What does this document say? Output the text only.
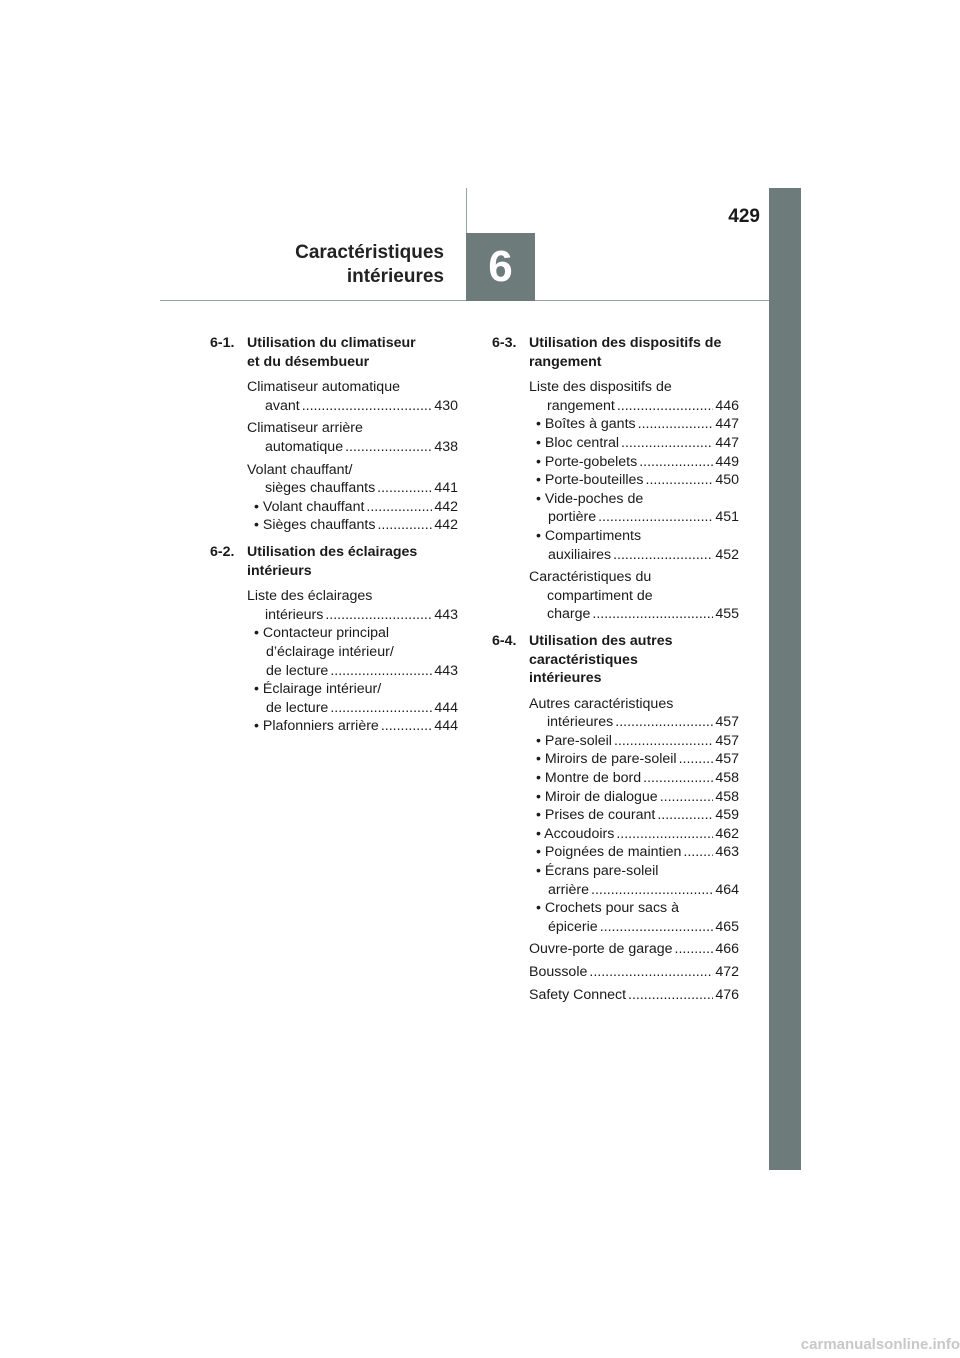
429
Caractéristiques
intérieures	6
6-1. Utilisation du climatiseur
et du désembueur
Climatiseur automatique
avant .....	430
Climatiseur arrière
automatique .....	438
Volant chauffant/
sièges chauffants .....	441
• Volant chauffant .....	442
• Sièges chauffants .....	442
6-2. Utilisation des éclairages
intérieurs
Liste des éclairages
intérieurs .....	443
• Contacteur principal
d’éclairage intérieur/
de lecture .....	443
• Éclairage intérieur/
de lecture .....	444
• Plafonniers arrière .....	444
6-3. Utilisation des dispositifs de
rangement
Liste des dispositifs de
rangement .....	446
• Boîtes à gants .....	447
• Bloc central .....	447
• Porte-gobelets .....	449
• Porte-bouteilles .....	450
• Vide-poches de
portière .....	451
• Compartiments
auxiliaires .....	452
Caractéristiques du
compartiment de
charge .....	455
6-4. Utilisation des autres
caractéristiques
intérieures
Autres caractéristiques
intérieures .....	457
• Pare-soleil .....	457
• Miroirs de pare-soleil .....	457
• Montre de bord .....	458
• Miroir de dialogue .....	458
• Prises de courant .....	459
• Accoudoirs .....	462
• Poignées de maintien ..... 463
• Écrans pare-soleil
arrière .....	464
• Crochets pour sacs à
épicerie .....	465
Ouvre-porte de garage .....	466
Boussole .....	472
Safety Connect .....	476
carmanualsonline.info
